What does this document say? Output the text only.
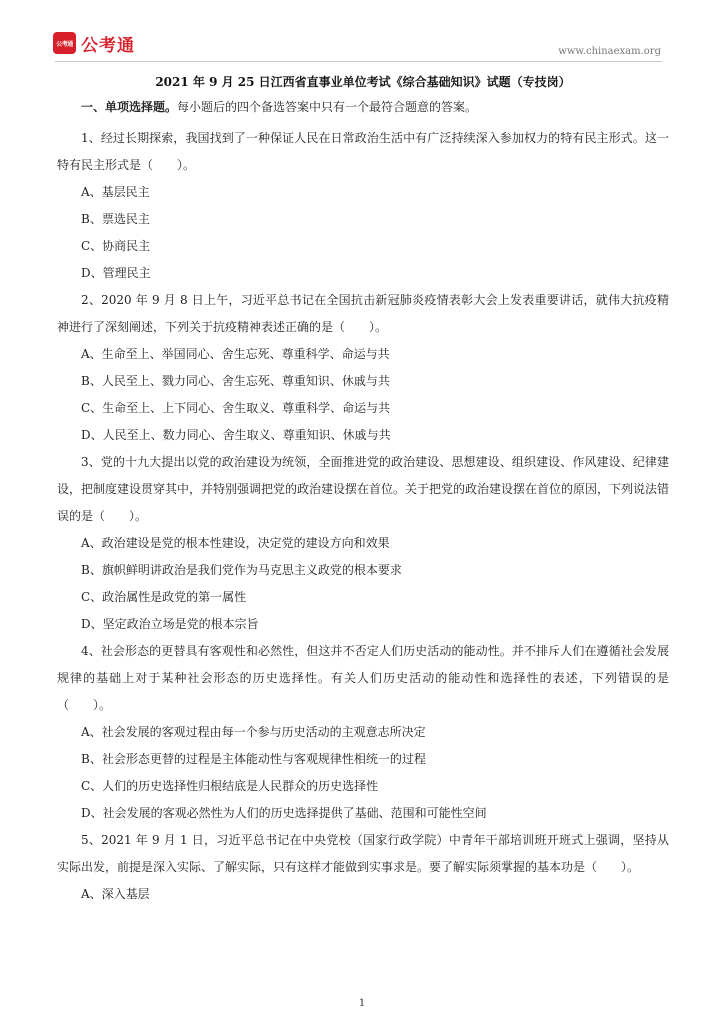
公考通 公考通	www.chinaexam.org

2021 年 9 月 25 日江西省直事业单位考试《综合基础知识》试题（专技岗）

一、单项选择题。每小题后的四个备选答案中只有一个最符合题意的答案。

1、经过长期探索，我国找到了一种保证人民在日常政治生活中有广泛持续深入参加权力的特有民主形式。这一特有民主形式是（　　）。

A、基层民主

B、票选民主

C、协商民主

D、管理民主

2、2020 年 9 月 8 日上午，习近平总书记在全国抗击新冠肺炎疫情表彰大会上发表重要讲话，就伟大抗疫精神进行了深刻阐述，下列关于抗疫精神表述正确的是（　　）。

A、生命至上、举国同心、舍生忘死、尊重科学、命运与共

B、人民至上、戮力同心、舍生忘死、尊重知识、休戚与共

C、生命至上、上下同心、舍生取义、尊重科学、命运与共

D、人民至上、数力同心、舍生取义、尊重知识、休戚与共

3、党的十九大提出以党的政治建设为统领，全面推进党的政治建设、思想建设、组织建设、作风建设、纪律建设，把制度建设贯穿其中，并特别强调把党的政治建设摆在首位。关于把党的政治建设摆在首位的原因，下列说法错误的是（　　）。

A、政治建设是党的根本性建设，决定党的建设方向和效果

B、旗帜鲜明讲政治是我们党作为马克思主义政党的根本要求

C、政治属性是政党的第一属性

D、坚定政治立场是党的根本宗旨

4、社会形态的更替具有客观性和必然性，但这并不否定人们历史活动的能动性。并不排斥人们在遵循社会发展规律的基础上对于某种社会形态的历史选择性。有关人们历史活动的能动性和选择性的表述，下列错误的是（　　）。

A、社会发展的客观过程由每一个参与历史活动的主观意志所决定

B、社会形态更替的过程是主体能动性与客观规律性相统一的过程

C、人们的历史选择性归根结底是人民群众的历史选择性

D、社会发展的客观必然性为人们的历史选择提供了基础、范围和可能性空间

5、2021 年 9 月 1 日，习近平总书记在中央党校（国家行政学院）中青年干部培训班开班式上强调，坚持从实际出发，前提是深入实际、了解实际，只有这样才能做到实事求是。要了解实际须掌握的基本功是（　　）。

A、深入基层

1
